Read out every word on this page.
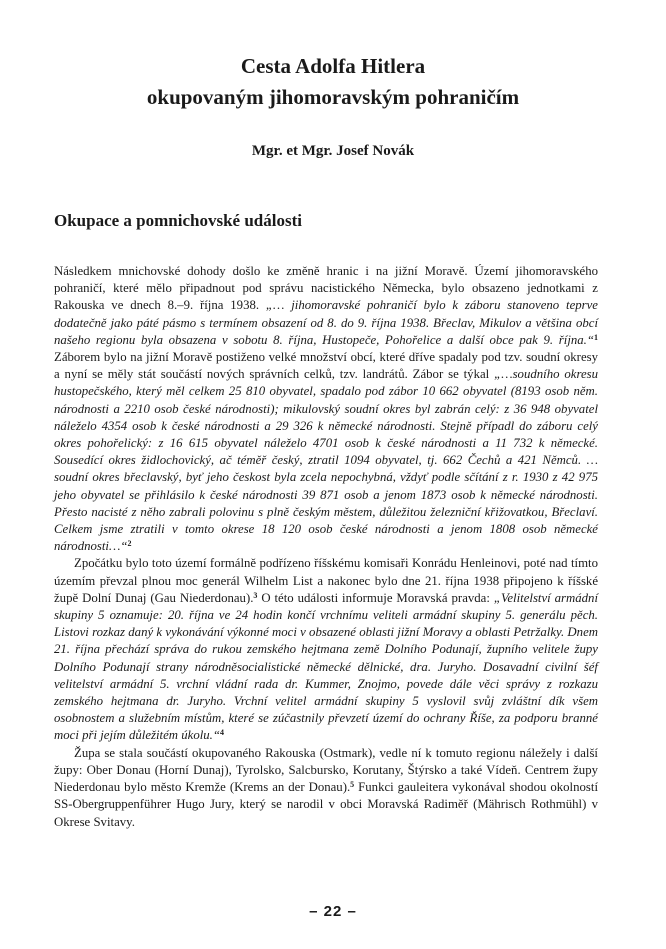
Cesta Adolfa Hitlera
okupovaným jihomoravským pohraničím
Mgr. et Mgr. Josef Novák
Okupace a pomnichovské události

Následkem mnichovské dohody došlo ke změně hranic i na jižní Moravě. Území jihomoravského pohraničí, které mělo připadnout pod správu nacistického Německa, bylo obsazeno jednotkami z Rakouska ve dnech 8.–9. října 1938. „… jihomoravské pohraničí bylo k záboru stanoveno teprve dodatečně jako páté pásmo s termínem obsazení od 8. do 9. října 1938. Břeclav, Mikulov a většina obcí našeho regionu byla obsazena v sobotu 8. října, Hustopeče, Pohořelice a další obce pak 9. října.“$^1$ Záborem bylo na jižní Moravě postiženo velké množství obcí, které dříve spadaly pod tzv. soudní okresy a nyní se měly stát součástí nových správních celků, tzv. landrátů. Zábor se týkal „…soudního okresu hustopečského, který měl celkem 25 810 obyvatel, spadalo pod zábor 10 662 obyvatel (8193 osob něm. národnosti a 2210 osob české národnosti); mikulovský soudní okres byl zabrán celý: z 36 948 obyvatel náleželo 4354 osob k české národnosti a 29 326 k německé národnosti. Stejně případl do záboru celý okres pohořelický: z 16 615 obyvatel náleželo 4701 osob k české národnosti a 11 732 k německé. Sousedící okres židlochovický, ač téměř český, ztratil 1094 obyvatel, tj. 662 Čechů a 421 Němců. … soudní okres břeclavský, byť jeho českost byla zcela nepochybná, vždyť podle sčítání z r. 1930 z 42 975 jeho obyvatel se přihlásilo k české národnosti 39 871 osob a jenom 1873 osob k německé národnosti. Přesto nacisté z něho zabrali polovinu s plně českým městem, důležitou železniční křižovatkou, Břeclaví. Celkem jsme ztratili v tomto okrese 18 120 osob české národnosti a jenom 1808 osob německé národnosti…“$^2$

Zpočátku bylo toto území formálně podřízeno říšskému komisaři Konrádu Henleinovi, poté nad tímto územím převzal plnou moc generál Wilhelm List a nakonec bylo dne 21. října 1938 připojeno k říšské župě Dolní Dunaj (Gau Niederdonau).$^3$ O této události informuje Moravská pravda: „Velitelství armádní skupiny 5 oznamuje: 20. října ve 24 hodin končí vrchnímu veliteli armádní skupiny 5. generálu pěch. Listovi rozkaz daný k vykonávání výkonné moci v obsazené oblasti jižní Moravy a oblasti Petržalky. Dnem 21. října přechází správa do rukou zemského hejtmana země Dolního Podunají, župního velitele župy Dolního Podunají strany národněsocialistické německé dělnické, dra. Juryho. Dosavadní civilní šéf velitelství armádní 5. vrchní vládní rada dr. Kummer, Znojmo, povede dále věci správy z rozkazu zemského hejtmana dr. Juryho. Vrchní velitel armádní skupiny 5 vyslovil svůj zvláštní dík všem osobnostem a služebním místům, které se zúčastnily převzetí území do ochrany Říše, za podporu branné moci při jejím důležitém úkolu.“$^4$

Župa se stala součástí okupovaného Rakouska (Ostmark), vedle ní k tomuto regionu náležely i další župy: Ober Donau (Horní Dunaj), Tyrolsko, Salcbursko, Korutany, Štýrsko a také Vídeň. Centrem župy Niederdonau bylo město Kremže (Krems an der Donau).$^5$ Funkci gauleitera vykonával shodou okolností SS-Obergruppenführer Hugo Jury, který se narodil v obci Moravská Radiměř (Mährisch Rothmühl) v Okrese Svitavy.

– 22 –
